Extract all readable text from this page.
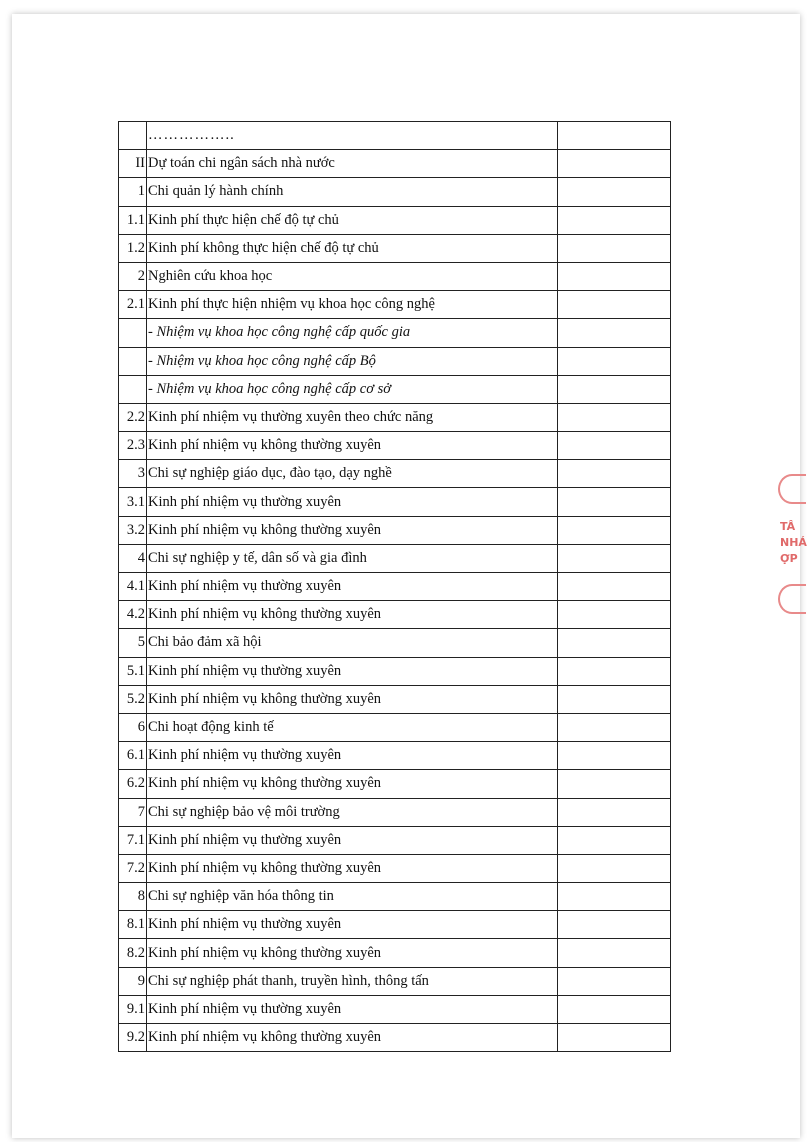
	……………..	
II	Dự toán chi ngân sách nhà nước	
1	Chi quản lý hành chính	
1.1	Kinh phí thực hiện chế độ tự chủ	
1.2	Kinh phí không thực hiện chế độ tự chủ	
2	Nghiên cứu khoa học	
2.1	Kinh phí thực hiện nhiệm vụ khoa học công nghệ	
	- Nhiệm vụ khoa học công nghệ cấp quốc gia	
	- Nhiệm vụ khoa học công nghệ cấp Bộ	
	- Nhiệm vụ khoa học công nghệ cấp cơ sở	
2.2	Kinh phí nhiệm vụ thường xuyên theo chức năng	
2.3	Kinh phí nhiệm vụ không thường xuyên	
3	Chi sự nghiệp giáo dục, đào tạo, dạy nghề	
3.1	Kinh phí nhiệm vụ thường xuyên	
3.2	Kinh phí nhiệm vụ không thường xuyên	
4	Chi sự nghiệp y tế, dân số và gia đình	
4.1	Kinh phí nhiệm vụ thường xuyên	
4.2	Kinh phí nhiệm vụ không thường xuyên	
5	Chi bảo đảm xã hội	
5.1	Kinh phí nhiệm vụ thường xuyên	
5.2	Kinh phí nhiệm vụ không thường xuyên	
6	Chi hoạt động kinh tế	
6.1	Kinh phí nhiệm vụ thường xuyên	
6.2	Kinh phí nhiệm vụ không thường xuyên	
7	Chi sự nghiệp bảo vệ môi trường	
7.1	Kinh phí nhiệm vụ thường xuyên	
7.2	Kinh phí nhiệm vụ không thường xuyên	
8	Chi sự nghiệp văn hóa thông tin	
8.1	Kinh phí nhiệm vụ thường xuyên	
8.2	Kinh phí nhiệm vụ không thường xuyên	
9	Chi sự nghiệp phát thanh, truyền hình, thông tấn	
9.1	Kinh phí nhiệm vụ thường xuyên	
9.2	Kinh phí nhiệm vụ không thường xuyên	
TÂ
NHÁ
ỢP
